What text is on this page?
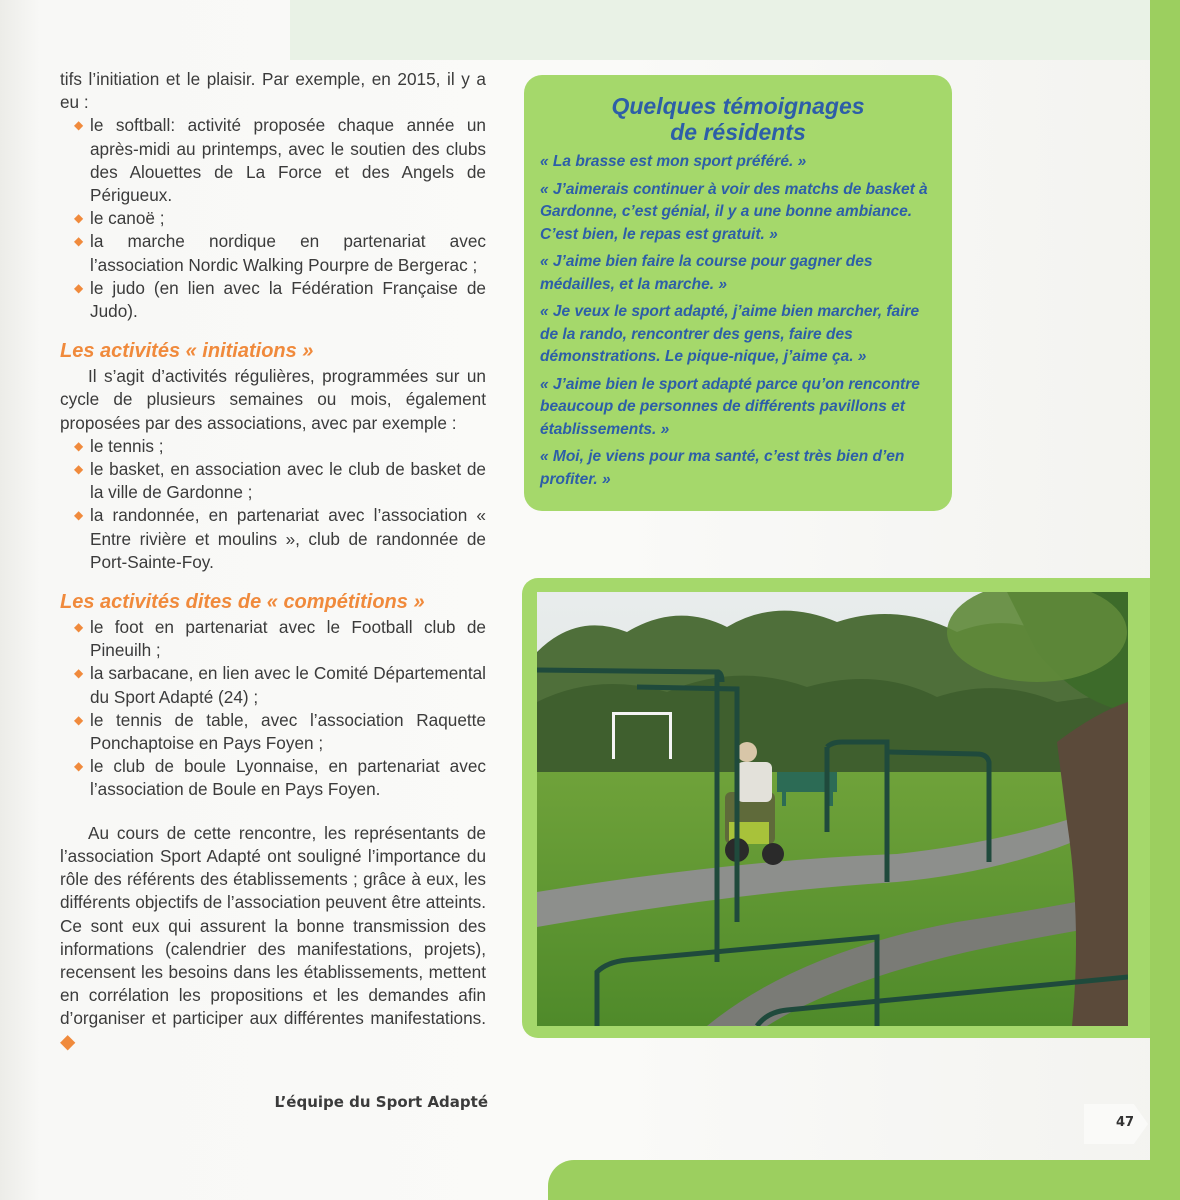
tifs l’initiation et le plaisir. Par exemple, en 2015, il y a eu :

◆ le softball: activité proposée chaque année un après-midi au printemps, avec le soutien des clubs des Alouettes de La Force et des Angels de Périgueux.
◆ le canoë ;
◆ la marche nordique en partenariat avec l’association Nordic Walking Pourpre de Bergerac ;
◆ le judo (en lien avec la Fédération Française de Judo).
Les activités « initiations »

Il s’agit d’activités régulières, programmées sur un cycle de plusieurs semaines ou mois, également proposées par des associations, avec par exemple :

◆ le tennis ;
◆ le basket, en association avec le club de basket de la ville de Gardonne ;
◆ la randonnée, en partenariat avec l’association « Entre rivière et moulins », club de randonnée de Port-Sainte-Foy.
Les activités dites de « compétitions »
◆ le foot en partenariat avec le Football club de Pineuilh ;
◆ la sarbacane, en lien avec le Comité Départemental du Sport Adapté (24) ;
◆ le tennis de table, avec l’association Raquette Ponchaptoise en Pays Foyen ;
◆ le club de boule Lyonnaise, en partenariat avec l’association de Boule en Pays Foyen.

Au cours de cette rencontre, les représentants de l’association Sport Adapté ont souligné l’importance du rôle des référents des établissements ; grâce à eux, les différents objectifs de l’association peuvent être atteints. Ce sont eux qui assurent la bonne transmission des informations (calendrier des manifestations, projets), recensent les besoins dans les établissements, mettent en corrélation les propositions et les demandes afin d’organiser et participer aux différentes manifestations. ◆

L’équipe du Sport Adapté
Quelques témoignages
de résidents

« La brasse est mon sport préféré. »

« J’aimerais continuer à voir des matchs de basket à Gardonne, c’est génial, il y a une bonne ambiance. C’est bien, le repas est gratuit. »

« J’aime bien faire la course pour gagner des médailles, et la marche. »

« Je veux le sport adapté, j’aime bien marcher, faire de la rando, rencontrer des gens, faire des démonstrations. Le pique-nique, j’aime ça. »

« J’aime bien le sport adapté parce qu’on rencontre beaucoup de personnes de différents pavillons et établissements. »

« Moi, je viens pour ma santé, c’est très bien d’en profiter. »

47
